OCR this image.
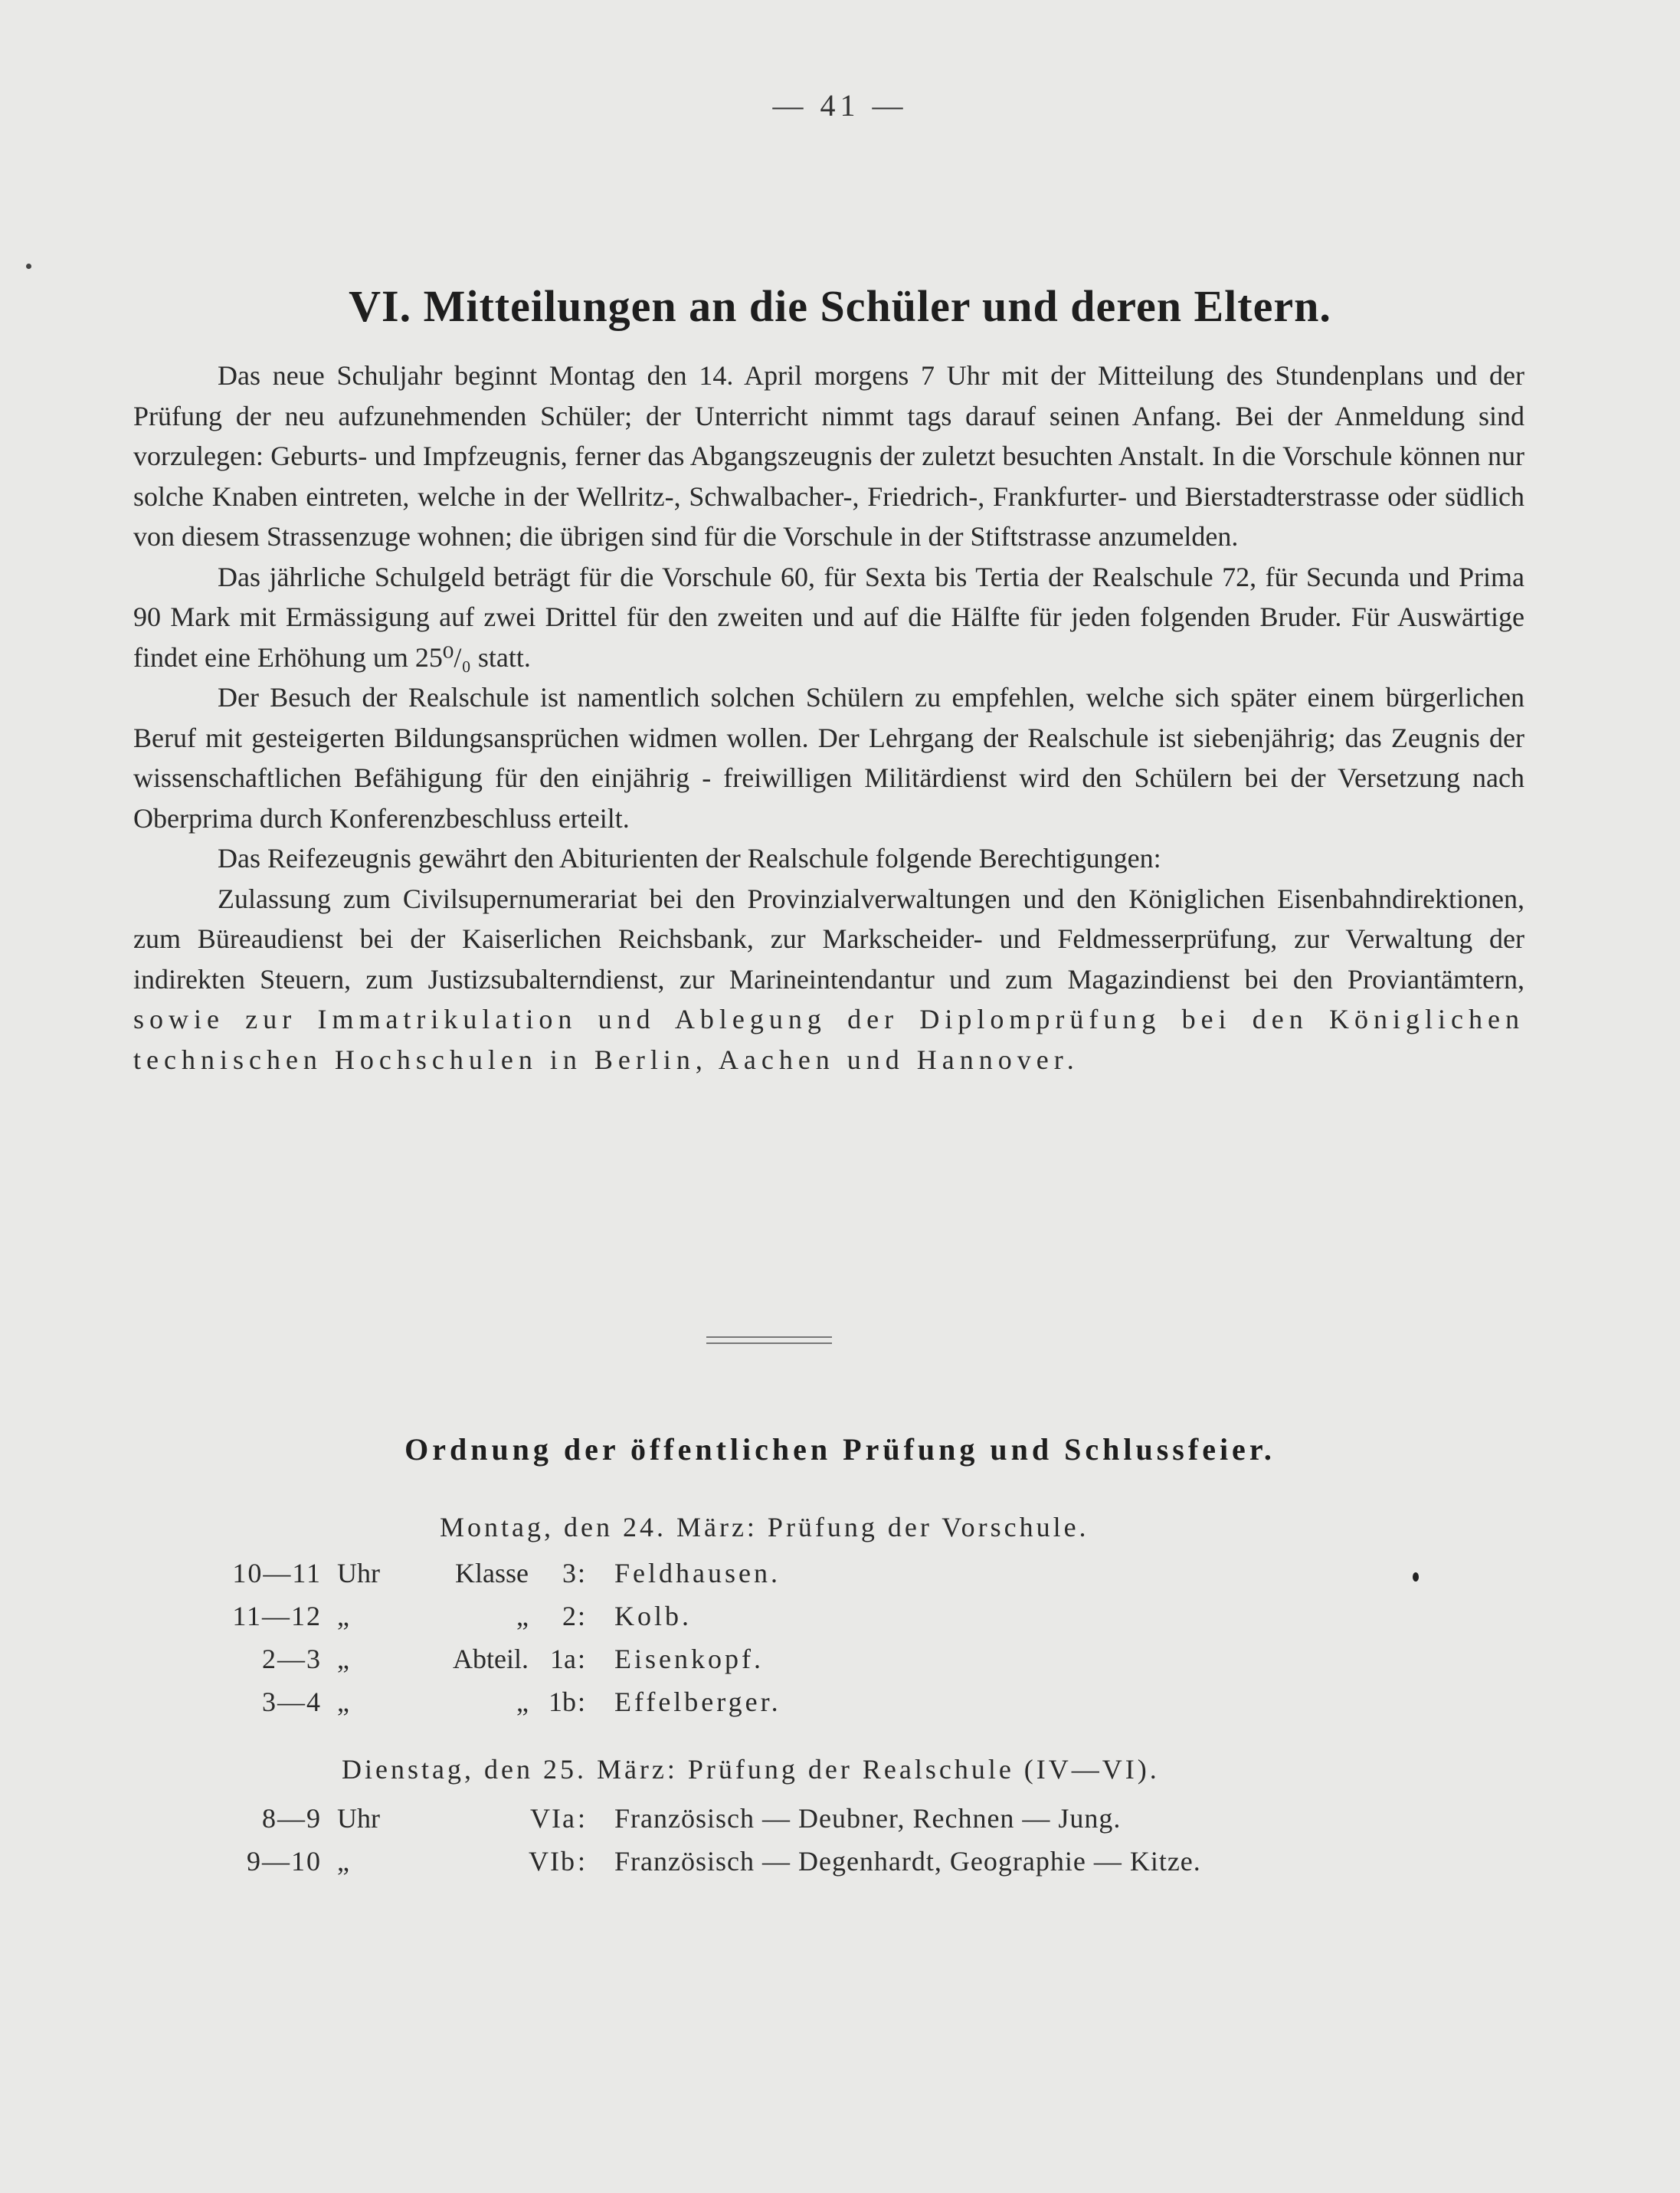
— 41 —
VI. Mitteilungen an die Schüler und deren Eltern.

Das neue Schuljahr beginnt Montag den 14. April morgens 7 Uhr mit der Mitteilung des Stundenplans und der Prüfung der neu aufzunehmenden Schüler; der Unterricht nimmt tags darauf seinen Anfang. Bei der Anmeldung sind vorzulegen: Geburts- und Impfzeugnis, ferner das Abgangszeugnis der zuletzt besuchten Anstalt. In die Vorschule können nur solche Knaben eintreten, welche in der Wellritz-, Schwalbacher-, Friedrich-, Frankfurter- und Bierstadterstrasse oder südlich von diesem Strassenzuge wohnen; die übrigen sind für die Vorschule in der Stiftstrasse anzumelden.

Das jährliche Schulgeld beträgt für die Vorschule 60, für Sexta bis Tertia der Realschule 72, für Secunda und Prima 90 Mark mit Ermässigung auf zwei Drittel für den zweiten und auf die Hälfte für jeden folgenden Bruder. Für Auswärtige findet eine Erhöhung um 25⁰/₀ statt.

Der Besuch der Realschule ist namentlich solchen Schülern zu empfehlen, welche sich später einem bürgerlichen Beruf mit gesteigerten Bildungsansprüchen widmen wollen. Der Lehrgang der Realschule ist siebenjährig; das Zeugnis der wissenschaftlichen Befähigung für den einjährig - freiwilligen Militärdienst wird den Schülern bei der Versetzung nach Oberprima durch Konferenzbeschluss erteilt.

Das Reifezeugnis gewährt den Abiturienten der Realschule folgende Berechtigungen:

Zulassung zum Civilsupernumerariat bei den Provinzialverwaltungen und den Königlichen Eisenbahndirektionen, zum Büreaudienst bei der Kaiserlichen Reichsbank, zur Markscheider- und Feldmesserprüfung, zur Verwaltung der indirekten Steuern, zum Justizsubalterndienst, zur Marineintendantur und zum Magazindienst bei den Proviantämtern, sowie zur Immatrikulation und Ablegung der Diplomprüfung bei den Königlichen technischen Hochschulen in Berlin, Aachen und Hannover.

Ordnung der öffentlichen Prüfung und Schlussfeier.
Montag, den 24. März: Prüfung der Vorschule.
10—11 Uhr	Klasse	3 : Feldhausen.
11—12 „	„	2 : Kolb.
2—3 „	Abteil. 1a : Eisenkopf.
3—4 „	„ 1b : Effelberger.
Dienstag, den 25. März: Prüfung der Realschule (IV—VI).
8—9 Uhr	VIa : Französisch — Deubner, Rechnen — Jung.
9—10 „	VIb : Französisch — Degenhardt, Geographie — Kitze.
